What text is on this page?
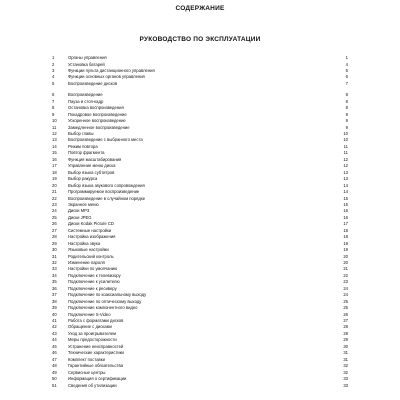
СОДЕРЖАНИЕ
РУКОВОДСТВО ПО ЭКСПЛУАТАЦИИ
1	Органы управления	1
2	Установка батарей	4
3	Функции пульта дистанционного управления	5
4	Функции основных органов управления	6
5	Воспроизведение дисков	7
6	Воспроизведение	8
7	Пауза и стоп-кадр	8
8	Остановка воспроизведения	8
9	Покадровое воспроизведение	9
10	Ускоренное воспроизведение	9
11	Замедленное воспроизведение	9
12	Выбор главы	10
13	Воспроизведение с выбранного места	10
14	Режим повтора	11
15	Повтор фрагмента	11
16	Функция масштабирования	12
17	Управление меню диска	12
18	Выбор языка субтитров	13
19	Выбор ракурса	13
20	Выбор языка звукового сопровождения	14
21	Программируемое воспроизведение	14
22	Воспроизведение в случайном порядке	15
23	Экранное меню	15
24	Диски MP3	16
25	Диски JPEG	16
26	Диски Kodak Picture CD	17
27	Системные настройки	18
28	Настройка изображения	18
29	Настройка звука	19
30	Языковые настройки	19
31	Родительский контроль	20
32	Изменение пароля	20
33	Настройки по умолчанию	21
34	Подключение к телевизору	22
35	Подключение к усилителю	23
36	Подключение к ресиверу	24
37	Подключение по коаксиальному выходу	24
38	Подключение по оптическому выходу	25
39	Подключение компонентного видео	25
40	Подключение S-Video	26
41	Работа с форматами дисков	27
42	Обращение с дисками	28
43	Уход за проигрывателем	28
44	Меры предосторожности	29
45	Устранение неисправностей	30
46	Технические характеристики	31
47	Комплект поставки	31
48	Гарантийные обязательства	32
49	Сервисные центры	32
50	Информация о сертификации	33
51	Сведения об утилизации	33
